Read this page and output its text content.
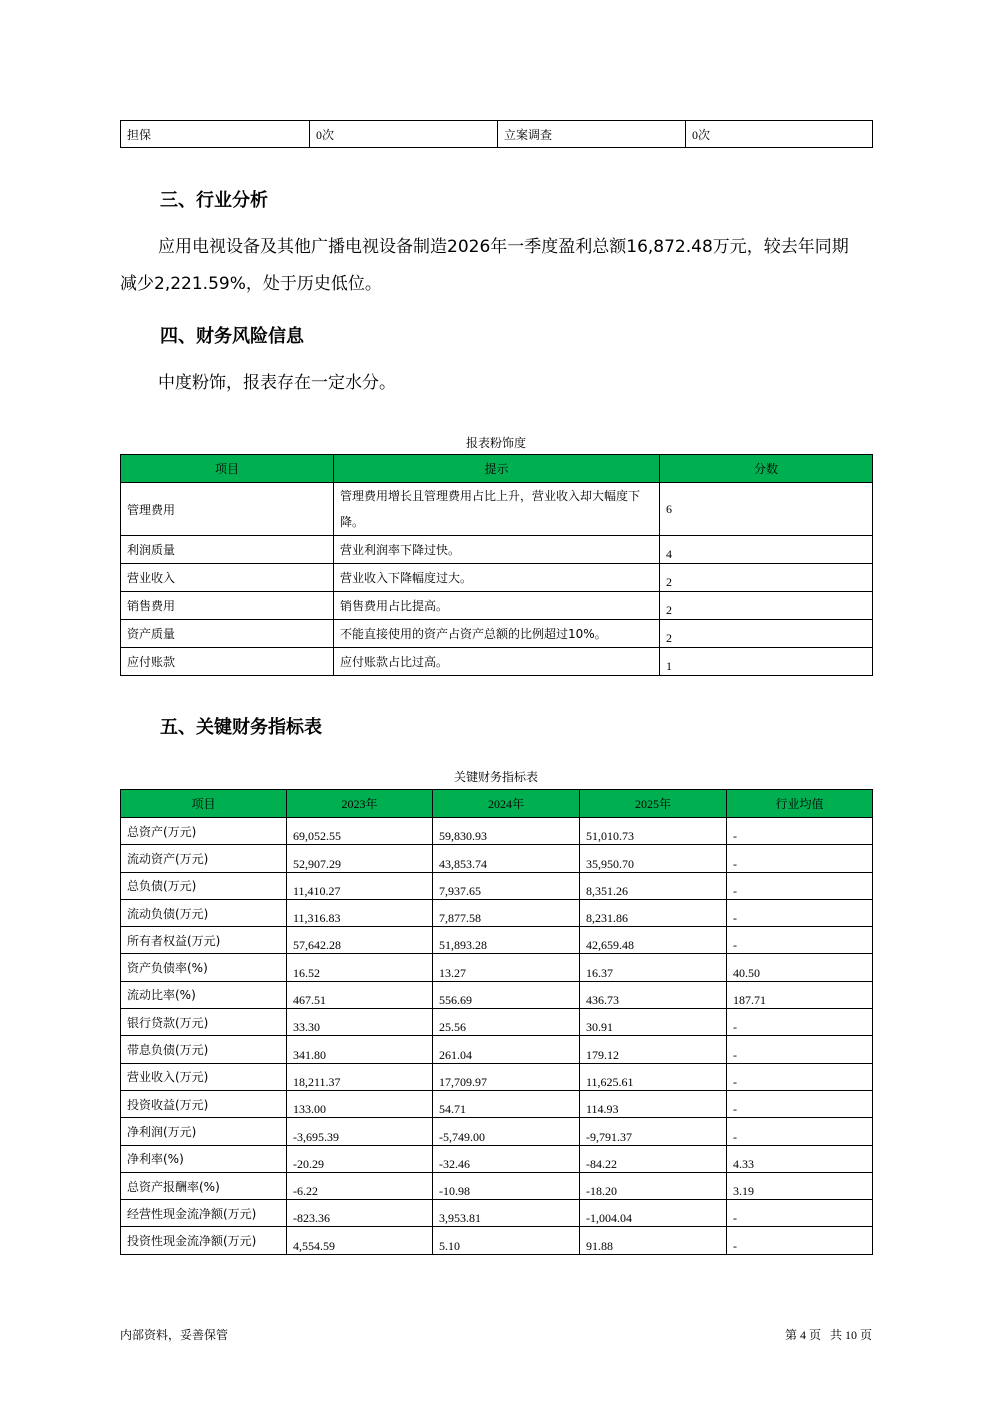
担保	0次	立案调查	0次
三、行业分析

应用电视设备及其他广播电视设备制造2026年一季度盈利总额16,872.48万元，较去年同期

减少2,221.59%，处于历史低位。

四、财务风险信息

中度粉饰，报表存在一定水分。

报表粉饰度
项目	提示	分数
管理费用	管理费用增长且管理费用占比上升，营业收入却大幅度下降。	6
利润质量	营业利润率下降过快。	4
营业收入	营业收入下降幅度过大。	2
销售费用	销售费用占比提高。	2
资产质量	不能直接使用的资产占资产总额的比例超过10%。	2
应付账款	应付账款占比过高。	1
五、关键财务指标表
关键财务指标表
项目	2023年	2024年	2025年	行业均值
总资产(万元)	69,052.55	59,830.93	51,010.73	-
流动资产(万元)	52,907.29	43,853.74	35,950.70	-
总负债(万元)	11,410.27	7,937.65	8,351.26	-
流动负债(万元)	11,316.83	7,877.58	8,231.86	-
所有者权益(万元)	57,642.28	51,893.28	42,659.48	-
资产负债率(%)	16.52	13.27	16.37	40.50
流动比率(%)	467.51	556.69	436.73	187.71
银行贷款(万元)	33.30	25.56	30.91	-
带息负债(万元)	341.80	261.04	179.12	-
营业收入(万元)	18,211.37	17,709.97	11,625.61	-
投资收益(万元)	133.00	54.71	114.93	-
净利润(万元)	-3,695.39	-5,749.00	-9,791.37	-
净利率(%)	-20.29	-32.46	-84.22	4.33
总资产报酬率(%)	-6.22	-10.98	-18.20	3.19
经营性现金流净额(万元)	-823.36	3,953.81	-1,004.04	-
投资性现金流净额(万元)	4,554.59	5.10	91.88	-
内部资料，妥善保管	第 4 页   共 10 页
